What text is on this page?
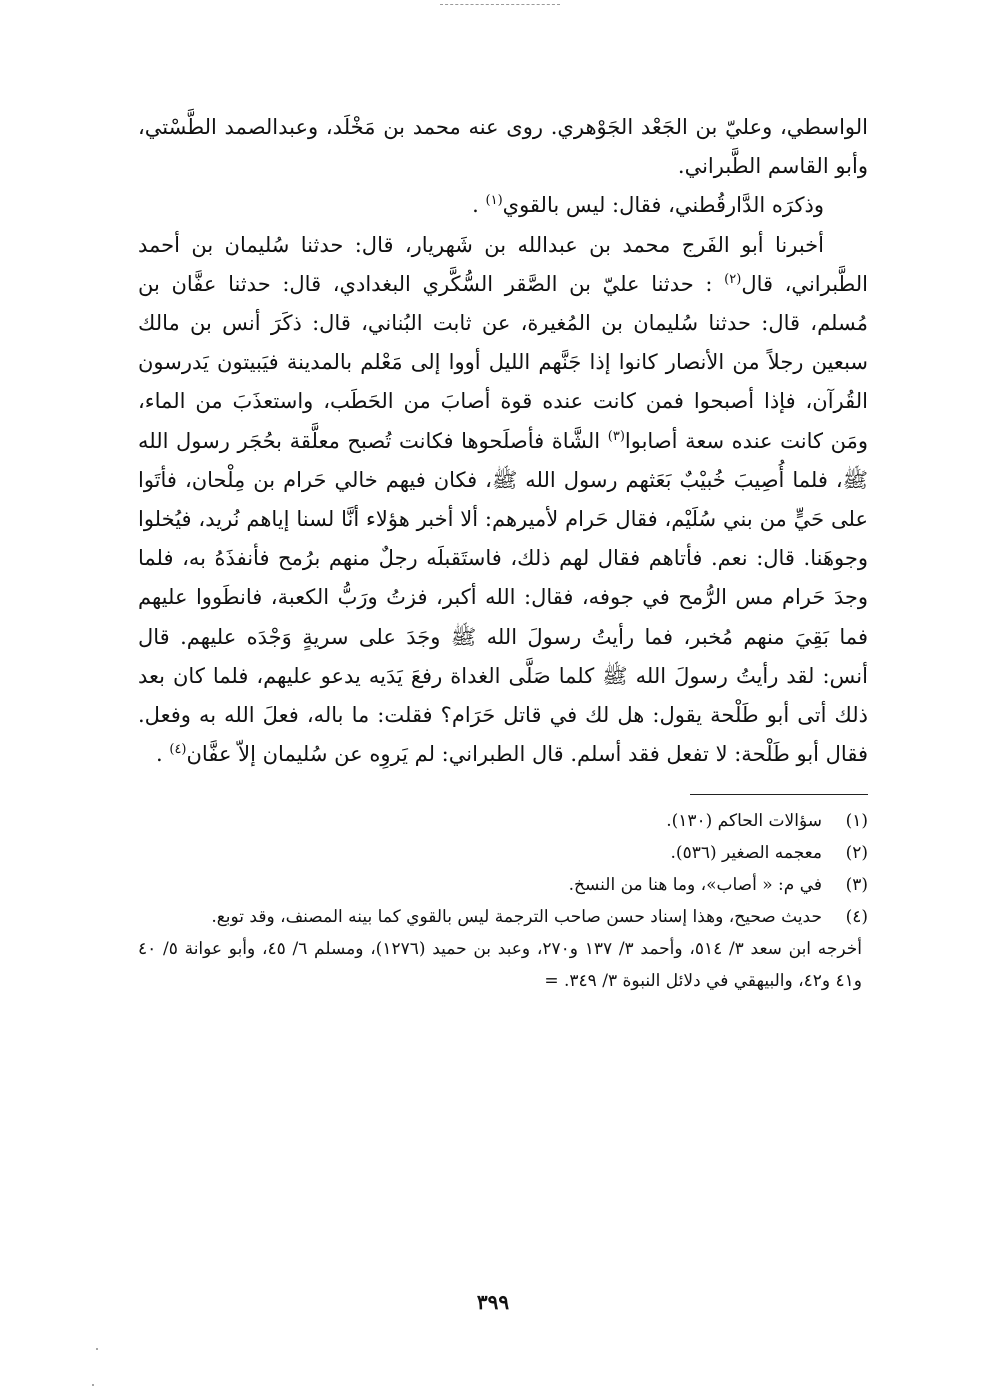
الواسطي، وعليّ بن الجَعْد الجَوْهري. روى عنه محمد بن مَخْلَد، وعبدالصمد الطَّسْتي، وأبو القاسم الطَّبراني.

وذكرَه الدَّارقُطني، فقال: ليس بالقوي$^{(١)}$ .

أخبرنا أبو الفَرج محمد بن عبدالله بن شَهريار، قال: حدثنا سُليمان بن أحمد الطَّبراني، قال$^{(٢)}$ : حدثنا عليّ بن الصَّقر السُّكَّري البغدادي، قال: حدثنا عفَّان بن مُسلم، قال: حدثنا سُليمان بن المُغيرة، عن ثابت البُناني، قال: ذكَرَ أنس بن مالك سبعين رجلاً من الأنصار كانوا إذا جَنَّهم الليل أووا إلى مَعْلم بالمدينة فيَبيتون يَدرسون القُرآن، فإذا أصبحوا فمن كانت عنده قوة أصابَ من الحَطَب، واستعذَبَ من الماء، ومَن كانت عنده سعة أصابوا$^{(٣)}$ الشَّاة فأصلَحوها فكانت تُصبح معلَّقة بحُجَر رسول الله ﷺ، فلما أُصِيبَ خُبيْبٌ بَعَثهم رسول الله ﷺ، فكان فيهم خالي حَرام بن مِلْحان، فأتَوا على حَيٍّ من بني سُلَيْم، فقال حَرام لأميرهم: ألا أخبر هؤلاء أنَّا لسنا إياهم نُريد، فيُخلوا وجوهَنا. قال: نعم. فأتاهم فقال لهم ذلك، فاستَقبلَه رجلٌ منهم برُمح فأنفذَهُ به، فلما وجدَ حَرام مس الرُّمح في جوفه، فقال: الله أكبر، فزتُ ورَبُّ الكعبة، فانطَووا عليهم فما بَقِيَ منهم مُخبر، فما رأيتُ رسولَ الله ﷺ وجَدَ على سريةٍ وَجْدَه عليهم. قال أنس: لقد رأيتُ رسولَ الله ﷺ كلما صَلَّى الغداة رفعَ يَدَيه يدعو عليهم، فلما كان بعد ذلك أتى أبو طَلْحة يقول: هل لك في قاتل حَرَام؟ فقلت: ما باله، فعلَ الله به وفعل. فقال أبو طَلْحة: لا تفعل فقد أسلم. قال الطبراني: لم يَروِه عن سُليمان إلاّ عفَّان$^{(٤)}$ .

(١)
سؤالات الحاكم (١٣٠).
(٢)
معجمه الصغير (٥٣٦).
(٣)
في م: « أصاب»، وما هنا من النسخ.
(٤)
حديث صحيح، وهذا إسناد حسن صاحب الترجمة ليس بالقوي كما بينه المصنف، وقد توبع.
أخرجه ابن سعد ٣/ ٥١٤، وأحمد ٣/ ١٣٧ و٢٧٠، وعبد بن حميد (١٢٧٦)، ومسلم ٦/ ٤٥، وأبو عوانة ٥/ ٤٠ و٤١ و٤٢، والبيهقي في دلائل النبوة ٣/ ٣٤٩. =
٣٩٩
